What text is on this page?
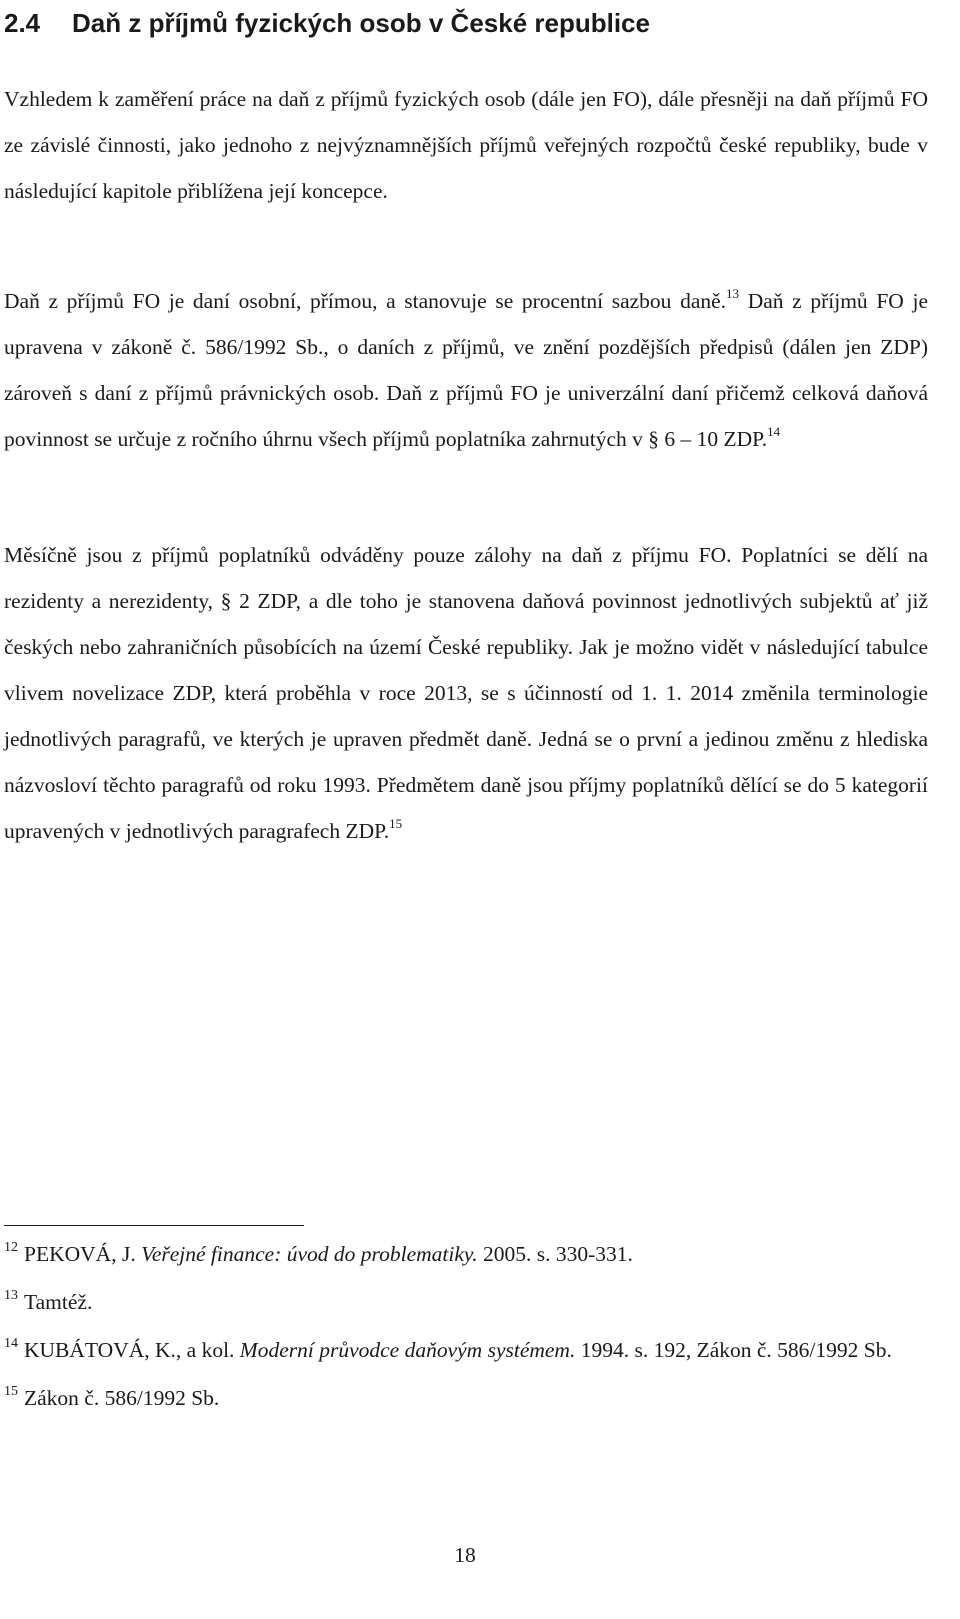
2.4 Daň z příjmů fyzických osob v České republice

Vzhledem k zaměření práce na daň z příjmů fyzických osob (dále jen FO), dále přesněji na daň příjmů FO ze závislé činnosti, jako jednoho z nejvýznamnějších příjmů veřejných rozpočtů české republiky, bude v následující kapitole přiblížena její koncepce.

Daň z příjmů FO je daní osobní, přímou, a stanovuje se procentní sazbou daně.$^{13}$ Daň z příjmů FO je upravena v zákoně č. 586/1992 Sb., o daních z příjmů, ve znění pozdějších předpisů (dálen jen ZDP) zároveň s daní z příjmů právnických osob. Daň z příjmů FO je univerzální daní přičemž celková daňová povinnost se určuje z ročního úhrnu všech příjmů poplatníka zahrnutých v § 6 – 10 ZDP.$^{14}$

Měsíčně jsou z příjmů poplatníků odváděny pouze zálohy na daň z příjmu FO. Poplatníci se dělí na rezidenty a nerezidenty, § 2 ZDP, a dle toho je stanovena daňová povinnost jednotlivých subjektů ať již českých nebo zahraničních působících na území České republiky. Jak je možno vidět v následující tabulce vlivem novelizace ZDP, která proběhla v roce 2013, se s účinností od 1. 1. 2014 změnila terminologie jednotlivých paragrafů, ve kterých je upraven předmět daně. Jedná se o první a jedinou změnu z hlediska názvosloví těchto paragrafů od roku 1993. Předmětem daně jsou příjmy poplatníků dělící se do 5 kategorií upravených v jednotlivých paragrafech ZDP.$^{15}$

$^{12}$ PEKOVÁ, J. Veřejné finance: úvod do problematiky. 2005. s. 330-331.
$^{13}$ Tamtéž.
$^{14}$ KUBÁTOVÁ, K., a kol. Moderní průvodce daňovým systémem. 1994. s. 192, Zákon č. 586/1992 Sb.
$^{15}$ Zákon č. 586/1992 Sb.
18
